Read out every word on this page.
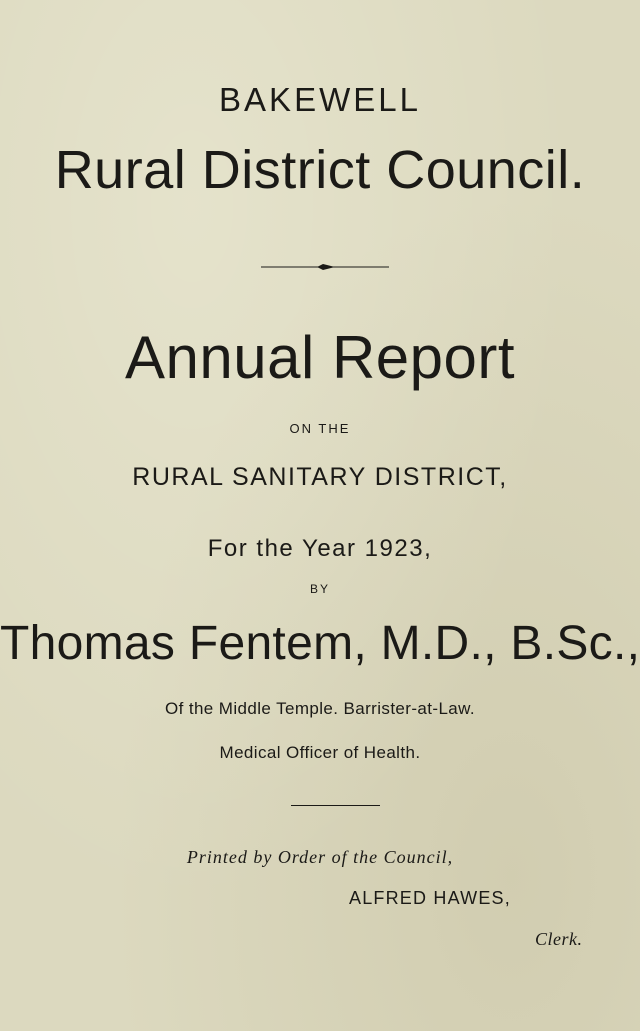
BAKEWELL
Rural District Council.
Annual Report
ON THE
RURAL SANITARY DISTRICT,
For the Year 1923,
BY
Thomas Fentem, M.D., B.Sc.,
Of the Middle Temple. Barrister-at-Law.
Medical Officer of Health.
Printed by Order of the Council,
ALFRED HAWES,
Clerk.
